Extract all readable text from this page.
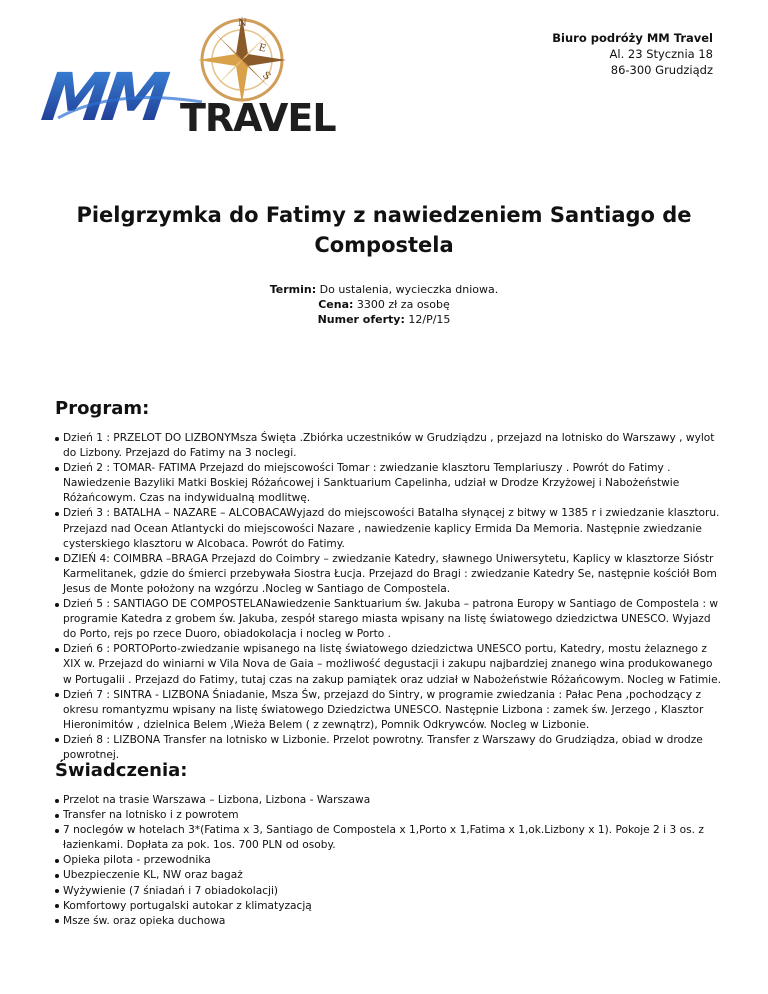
N
E
S
MM TRAVEL
Biuro podróży MM Travel
Al. 23 Stycznia 18
86-300 Grudziądz
Pielgrzymka do Fatimy z nawiedzeniem Santiago de Compostela
Termin: Do ustalenia, wycieczka dniowa.
Cena: 3300 zł za osobę
Numer oferty: 12/P/15
Program:
Dzień 1 : PRZELOT DO LIZBONYMsza Święta .Zbiórka uczestników w Grudziądzu , przejazd na lotnisko do Warszawy , wylot do Lizbony. Przejazd do Fatimy na 3 noclegi.
Dzień 2 : TOMAR- FATIMA Przejazd do miejscowości Tomar : zwiedzanie klasztoru Templariuszy . Powrót do Fatimy . Nawiedzenie Bazyliki Matki Boskiej Różańcowej i Sanktuarium Capelinha, udział w Drodze Krzyżowej i Nabożeństwie Różańcowym. Czas na indywidualną modlitwę.
Dzień 3 : BATALHA – NAZARE – ALCOBACAWyjazd do miejscowości Batalha słynącej z bitwy w 1385 r i zwiedzanie klasztoru. Przejazd nad Ocean Atlantycki do miejscowości Nazare , nawiedzenie kaplicy Ermida Da Memoria. Następnie zwiedzanie cysterskiego klasztoru w Alcobaca. Powrót do Fatimy.
DZIEŃ 4: COIMBRA –BRAGA Przejazd do Coimbry – zwiedzanie Katedry, sławnego Uniwersytetu, Kaplicy w klasztorze Sióstr Karmelitanek, gdzie do śmierci przebywała Siostra Łucja. Przejazd do Bragi : zwiedzanie Katedry Se, następnie kościół Bom Jesus de Monte położony na wzgórzu .Nocleg w Santiago de Compostela.
Dzień 5 : SANTIAGO DE COMPOSTELANawiedzenie Sanktuarium św. Jakuba – patrona Europy w Santiago de Compostela : w programie Katedra z grobem św. Jakuba, zespół starego miasta wpisany na listę światowego dziedzictwa UNESCO. Wyjazd do Porto, rejs po rzece Duoro, obiadokolacja i nocleg w Porto .
Dzień 6 : PORTOPorto-zwiedzanie wpisanego na listę światowego dziedzictwa UNESCO portu, Katedry, mostu żelaznego z XIX w. Przejazd do winiarni w Vila Nova de Gaia – możliwość degustacji i zakupu najbardziej znanego wina produkowanego w Portugalii . Przejazd do Fatimy, tutaj czas na zakup pamiątek oraz udział w Nabożeństwie Różańcowym. Nocleg w Fatimie.
Dzień 7 : SINTRA - LIZBONA Śniadanie, Msza Św, przejazd do Sintry, w programie zwiedzania : Pałac Pena ,pochodzący z okresu romantyzmu wpisany na listę światowego Dziedzictwa UNESCO. Następnie Lizbona : zamek św. Jerzego , Klasztor Hieronimitów , dzielnica Belem ,Wieża Belem ( z zewnątrz), Pomnik Odkrywców. Nocleg w Lizbonie.
Dzień 8 : LIZBONA Transfer na lotnisko w Lizbonie. Przelot powrotny. Transfer z Warszawy do Grudziądza, obiad w drodze powrotnej.
Świadczenia:
Przelot na trasie Warszawa – Lizbona, Lizbona - Warszawa
Transfer na lotnisko i z powrotem
7 noclegów w hotelach 3*(Fatima x 3, Santiago de Compostela x 1,Porto x 1,Fatima x 1,ok.Lizbony x 1). Pokoje 2 i 3 os. z łazienkami. Dopłata za pok. 1os. 700 PLN od osoby.
Opieka pilota - przewodnika
Ubezpieczenie KL, NW oraz bagaż
Wyżywienie (7 śniadań i 7 obiadokolacji)
Komfortowy portugalski autokar z klimatyzacją
Msze św. oraz opieka duchowa
